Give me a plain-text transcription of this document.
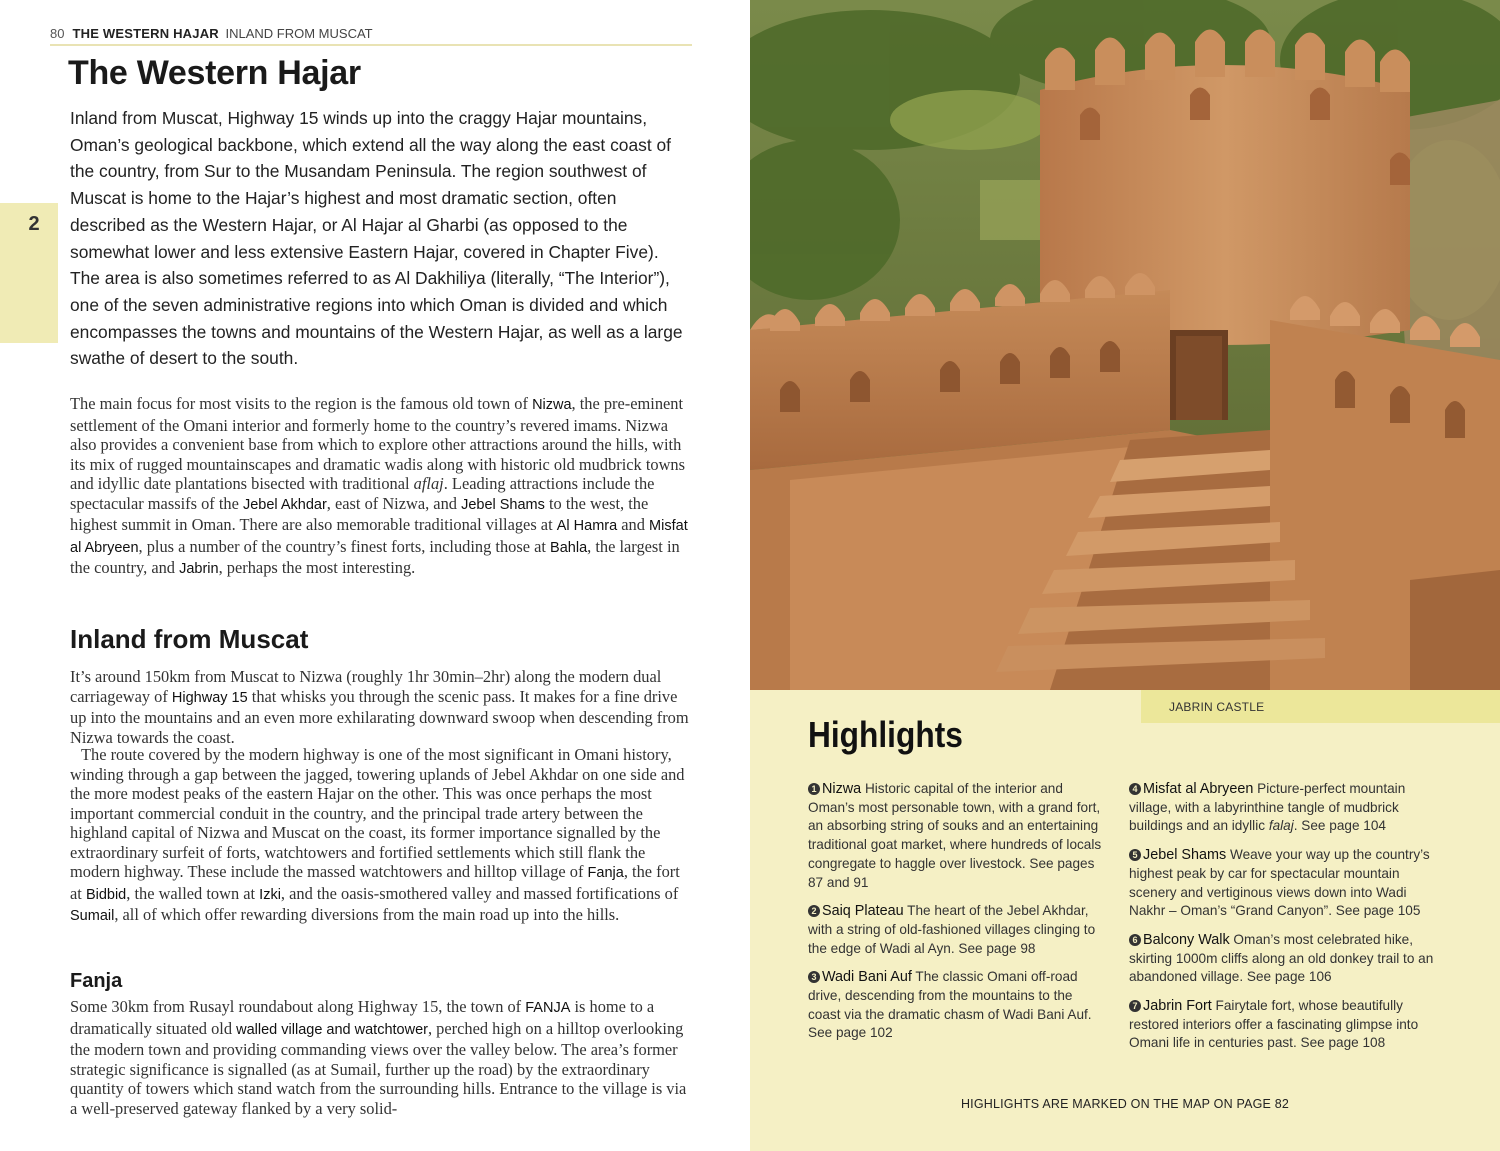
80 THE WESTERN HAJAR INLAND FROM MUSCAT
2
The Western Hajar

Inland from Muscat, Highway 15 winds up into the craggy Hajar mountains, Oman’s geological backbone, which extend all the way along the east coast of the country, from Sur to the Musandam Peninsula. The region southwest of Muscat is home to the Hajar’s highest and most dramatic section, often described as the Western Hajar, or Al Hajar al Gharbi (as opposed to the somewhat lower and less extensive Eastern Hajar, covered in Chapter Five). The area is also sometimes referred to as Al Dakhiliya (literally, “The Interior”), one of the seven administrative regions into which Oman is divided and which encompasses the towns and mountains of the Western Hajar, as well as a large swathe of desert to the south.

The main focus for most visits to the region is the famous old town of Nizwa, the pre-eminent settlement of the Omani interior and formerly home to the country’s revered imams. Nizwa also provides a convenient base from which to explore other attractions around the hills, with its mix of rugged mountainscapes and dramatic wadis along with historic old mudbrick towns and idyllic date plantations bisected with traditional aflaj. Leading attractions include the spectacular massifs of the Jebel Akhdar, east of Nizwa, and Jebel Shams to the west, the highest summit in Oman. There are also memorable traditional villages at Al Hamra and Misfat al Abryeen, plus a number of the country’s finest forts, including those at Bahla, the largest in the country, and Jabrin, perhaps the most interesting.

Inland from Muscat

It’s around 150km from Muscat to Nizwa (roughly 1hr 30min–2hr) along the modern dual carriageway of Highway 15 that whisks you through the scenic pass. It makes for a fine drive up into the mountains and an even more exhilarating downward swoop when descending from Nizwa towards the coast.

The route covered by the modern highway is one of the most significant in Omani history, winding through a gap between the jagged, towering uplands of Jebel Akhdar on one side and the more modest peaks of the eastern Hajar on the other. This was once perhaps the most important commercial conduit in the country, and the principal trade artery between the highland capital of Nizwa and Muscat on the coast, its former importance signalled by the extraordinary surfeit of forts, watchtowers and fortified settlements which still flank the modern highway. These include the massed watchtowers and hilltop village of Fanja, the fort at Bidbid, the walled town at Izki, and the oasis-smothered valley and massed fortifications of Sumail, all of which offer rewarding diversions from the main road up into the hills.

Fanja

Some 30km from Rusayl roundabout along Highway 15, the town of FANJA is home to a dramatically situated old walled village and watchtower, perched high on a hilltop overlooking the modern town and providing commanding views over the valley below. The area’s former strategic significance is signalled (as at Sumail, further up the road) by the extraordinary quantity of towers which stand watch from the surrounding hills. Entrance to the village is via a well-preserved gateway flanked by a very solid-

JABRIN CASTLE
Highlights

1 Nizwa Historic capital of the interior and Oman’s most personable town, with a grand fort, an absorbing string of souks and an entertaining traditional goat market, where hundreds of locals congregate to haggle over livestock. See pages 87 and 91

2 Saiq Plateau The heart of the Jebel Akhdar, with a string of old-fashioned villages clinging to the edge of Wadi al Ayn. See page 98

3 Wadi Bani Auf The classic Omani off-road drive, descending from the mountains to the coast via the dramatic chasm of Wadi Bani Auf. See page 102

4 Misfat al Abryeen Picture-perfect mountain village, with a labyrinthine tangle of mudbrick buildings and an idyllic falaj. See page 104

5 Jebel Shams Weave your way up the country’s highest peak by car for spectacular mountain scenery and vertiginous views down into Wadi Nakhr – Oman’s “Grand Canyon”. See page 105

6 Balcony Walk Oman’s most celebrated hike, skirting 1000m cliffs along an old donkey trail to an abandoned village. See page 106

7 Jabrin Fort Fairytale fort, whose beautifully restored interiors offer a fascinating glimpse into Omani life in centuries past. See page 108

HIGHLIGHTS ARE MARKED ON THE MAP ON PAGE 82
